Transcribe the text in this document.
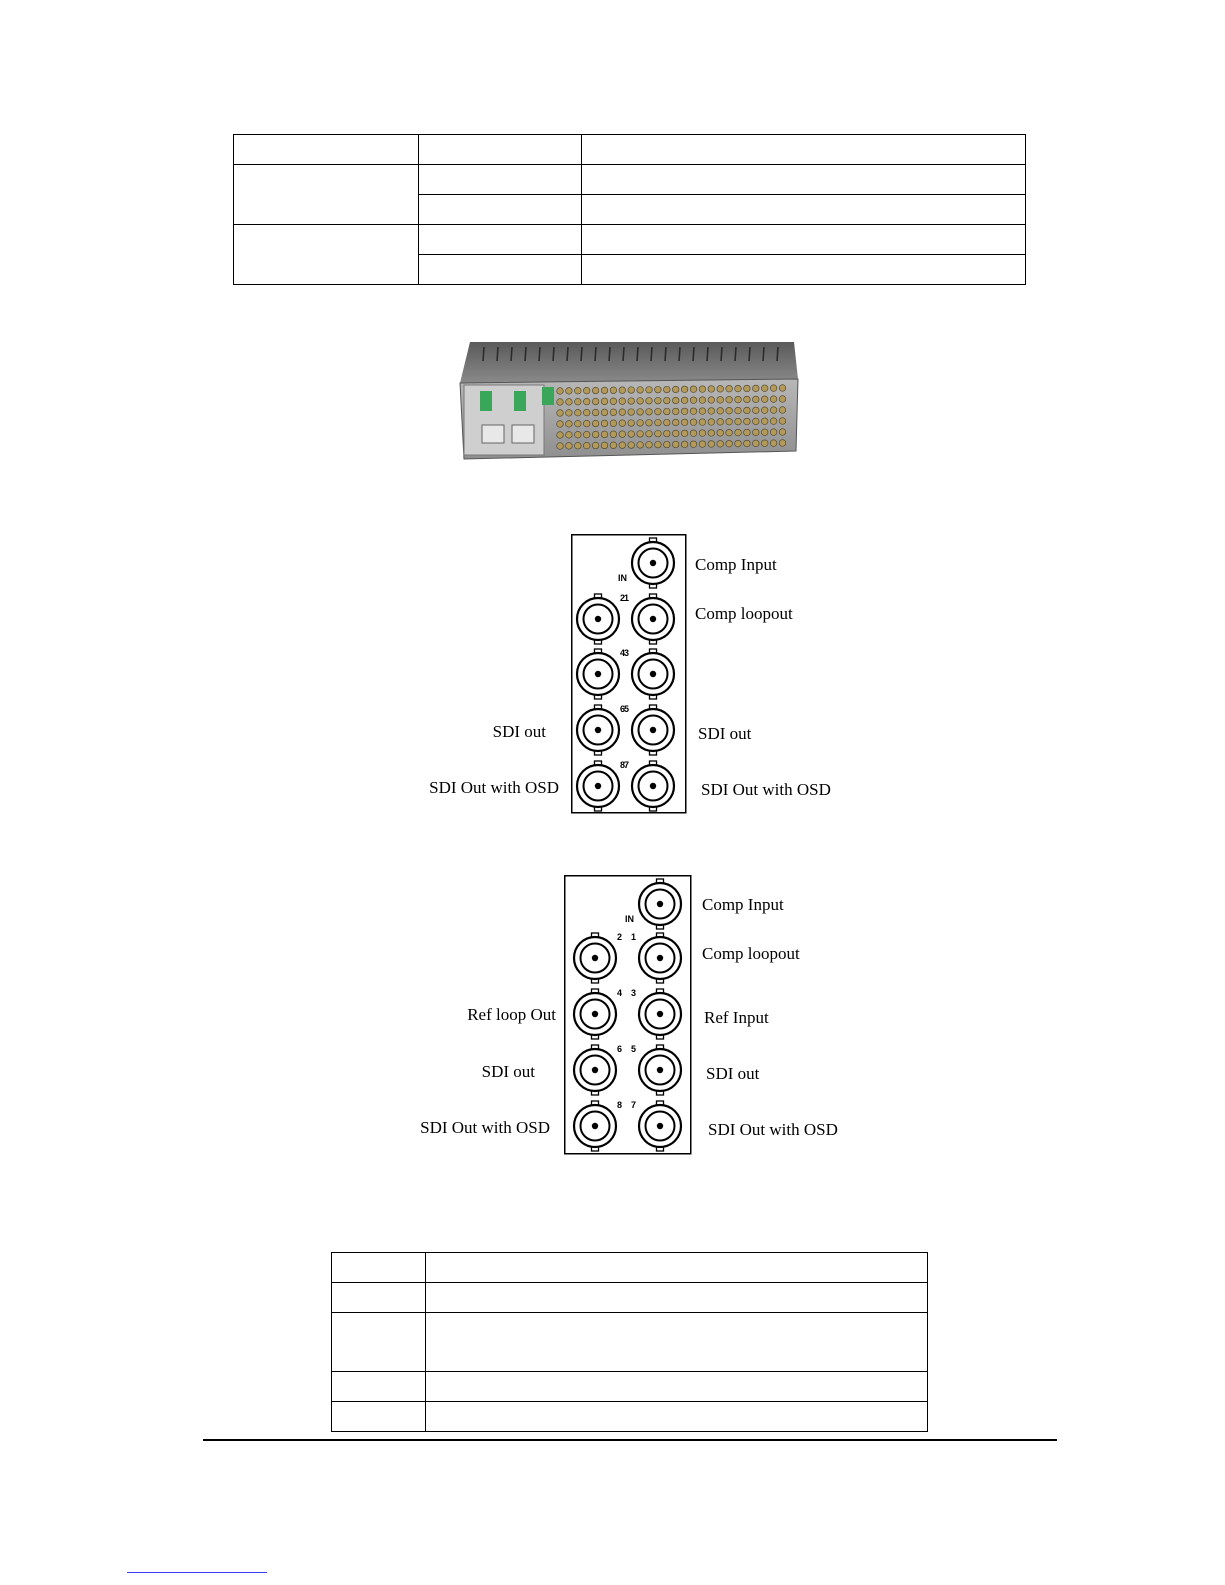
2
1
4
3
6
5
8
7
IN
Comp Input
Comp loopout
SDI out	SDI out
SDI Out with OSD	SDI Out with OSD
2 1
4 3
6 5
8 7
IN
Comp Input
Comp loopout
Ref loop Out	Ref Input
SDI out	SDI out
SDI Out with OSD	SDI Out with OSD
